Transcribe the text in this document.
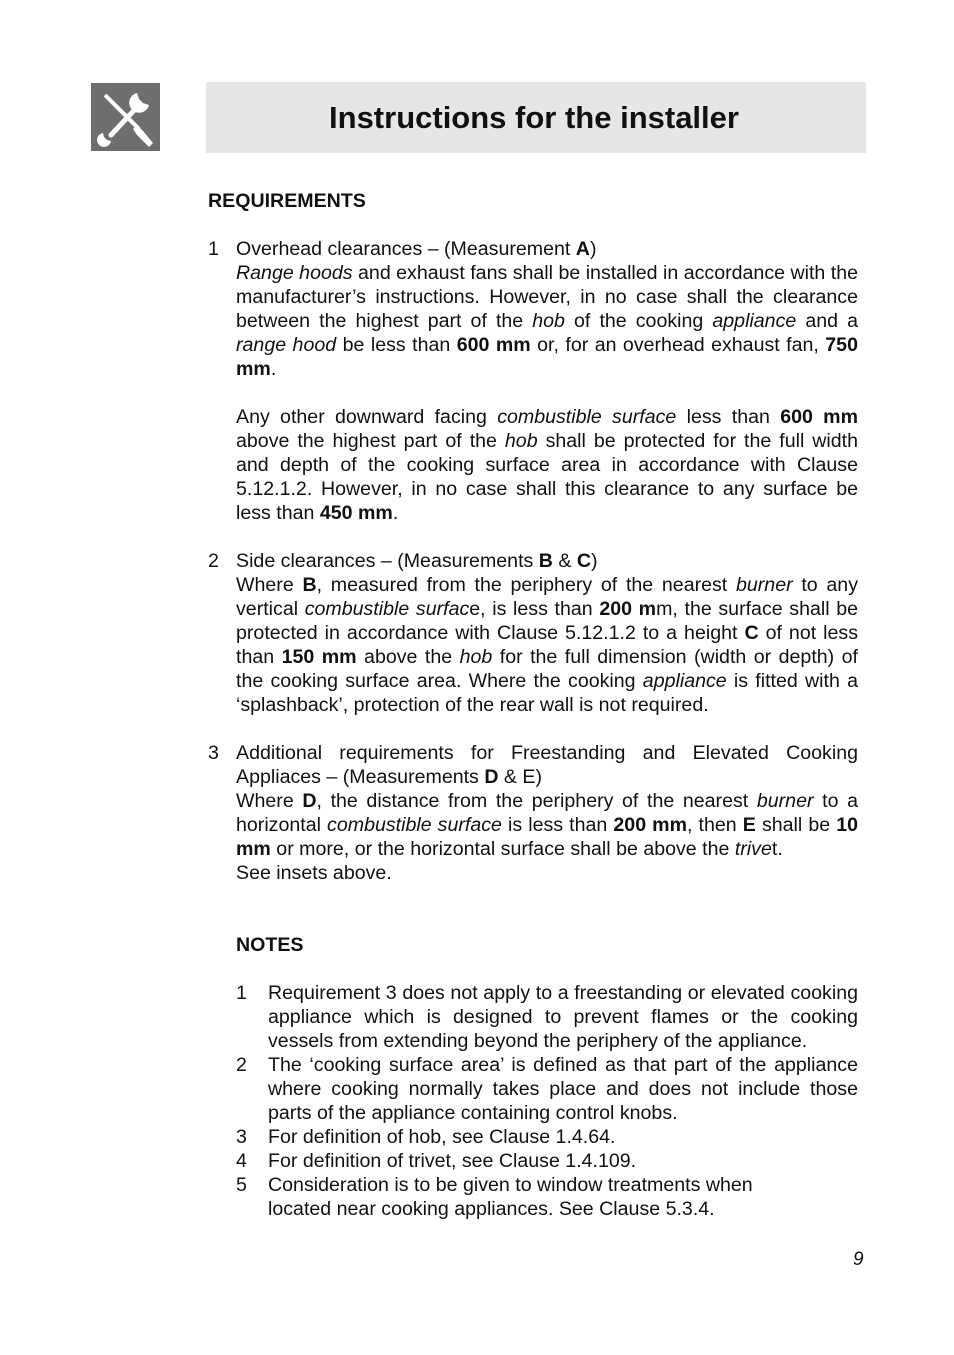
Instructions for the installer
REQUIREMENTS
1 Overhead clearances – (Measurement A)

Range hoods and exhaust fans shall be installed in accordance with the manufacturer’s instructions. However, in no case shall the clearance between the highest part of the hob of the cooking appliance and a range hood be less than 600 mm or, for an overhead exhaust fan, 750 mm.

Any other downward facing combustible surface less than 600 mm above the highest part of the hob shall be protected for the full width and depth of the cooking surface area in accordance with Clause 5.12.1.2. However, in no case shall this clearance to any surface be less than 450 mm.

2 Side clearances – (Measurements B & C)

Where B, measured from the periphery of the nearest burner to any vertical combustible surface, is less than 200 mm, the surface shall be protected in accordance with Clause 5.12.1.2 to a height C of not less than 150 mm above the hob for the full dimension (width or depth) of the cooking surface area. Where the cooking appliance is fitted with a ‘splashback’, protection of the rear wall is not required.

3 Additional requirements for Freestanding and Elevated Cooking Appliaces – (Measurements D & E)

Where D, the distance from the periphery of the nearest burner to a horizontal combustible surface is less than 200 mm, then E shall be 10 mm or more, or the horizontal surface shall be above the trivet.

See insets above.

NOTES
1 Requirement 3 does not apply to a freestanding or elevated cooking appliance which is designed to prevent flames or the cooking vessels from extending beyond the periphery of the appliance.
2 The ‘cooking surface area’ is defined as that part of the appliance where cooking normally takes place and does not include those parts of the appliance containing control knobs.
3 For definition of hob, see Clause 1.4.64.
4 For definition of trivet, see Clause 1.4.109.
5 Consideration is to be given to window treatments when
located near cooking appliances. See Clause 5.3.4.
9
